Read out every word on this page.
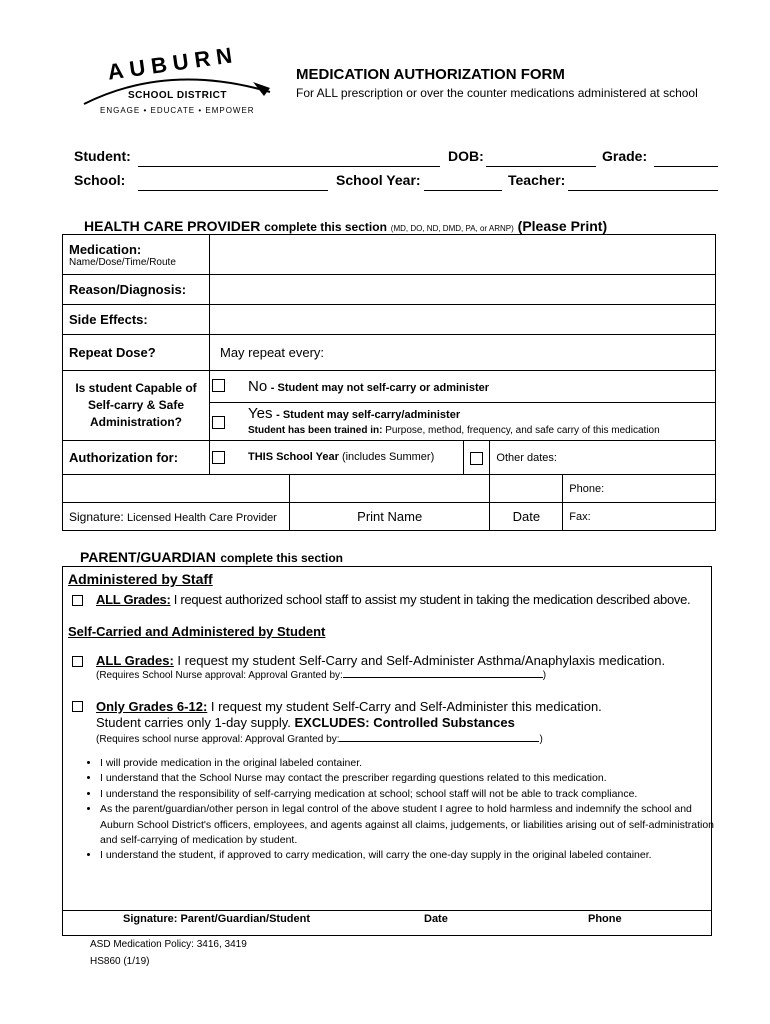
AUBURN
SCHOOL DISTRICT
ENGAGE • EDUCATE • EMPOWER
MEDICATION AUTHORIZATION FORM
For ALL prescription or over the counter medications administered at school
Student:	DOB:	Grade:
School:	School Year:	Teacher:
HEALTH CARE PROVIDER complete this section (MD, DO, ND, DMD, PA, or ARNP) (Please Print)
Medication:
Name/Dose/Time/Route					

Reason/Diagnosis:					
Side Effects:					
Repeat Dose?	May repeat every:				
Is student Capable of Self-carry & Safe Administration?	No - Student may not self-carry or administer				

	Yes - Student may self-carry/administer
Student has been trained in: Purpose, method, frequency, and safe carry of this medication				

Authorization for:	THIS School Year (includes Summer)			Other dates:	
					Phone:
Signature: Licensed Health Care Provider		Print Name		Date	Fax:
PARENT/GUARDIAN complete this section
Administered by Staff
ALL Grades: I request authorized school staff to assist my student in taking the medication described above.
Self-Carried and Administered by Student
ALL Grades: I request my student Self-Carry and Self-Administer Asthma/Anaphylaxis medication.
(Requires School Nurse approval: Approval Granted by:	)
Only Grades 6-12: I request my student Self-Carry and Self-Administer this medication.
Student carries only 1-day supply. EXCLUDES: Controlled Substances
(Requires school nurse approval: Approval Granted by:	)
• I will provide medication in the original labeled container.
• I understand that the School Nurse may contact the prescriber regarding questions related to this medication.
• I understand the responsibility of self-carrying medication at school; school staff will not be able to track compliance.
• As the parent/guardian/other person in legal control of the above student I agree to hold harmless and indemnify the school and Auburn School District's officers, employees, and agents against all claims, judgements, or liabilities arising out of self-administration and self-carrying of medication by student.
• I understand the student, if approved to carry medication, will carry the one-day supply in the original labeled container.
Signature: Parent/Guardian/Student	Date	Phone
ASD Medication Policy: 3416, 3419
HS860 (1/19)
